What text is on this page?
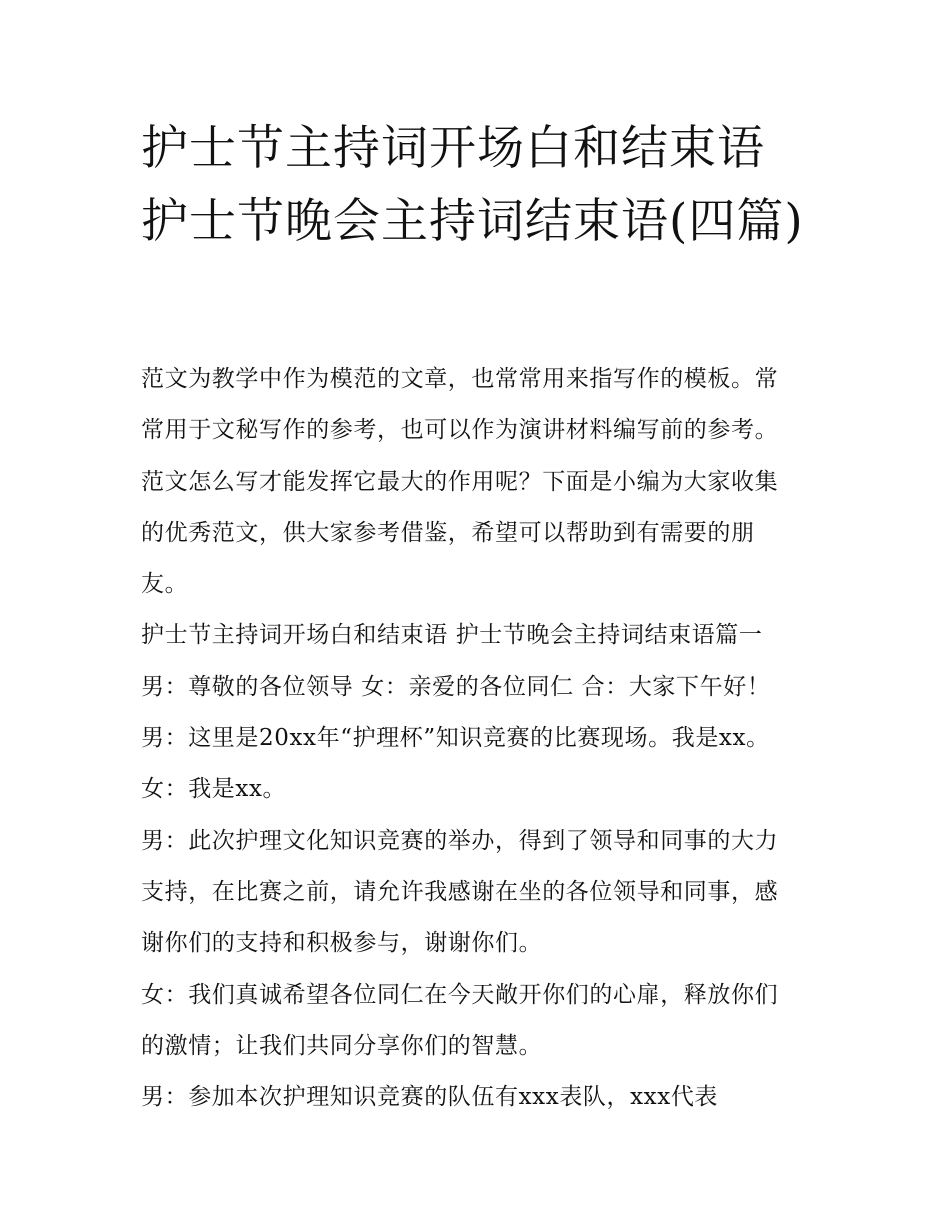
护士节主持词开场白和结束语 护士节晚会主持词结束语(四篇)

范文为教学中作为模范的文章，也常常用来指写作的模板。常

常用于文秘写作的参考，也可以作为演讲材料编写前的参考。

范文怎么写才能发挥它最大的作用呢？下面是小编为大家收集

的优秀范文，供大家参考借鉴，希望可以帮助到有需要的朋

友。

护士节主持词开场白和结束语 护士节晚会主持词结束语篇一

男：尊敬的各位领导 女：亲爱的各位同仁 合：大家下午好！

男：这里是20xx年“护理杯”知识竞赛的比赛现场。我是xx。

女：我是xx。

男：此次护理文化知识竞赛的举办，得到了领导和同事的大力

支持，在比赛之前，请允许我感谢在坐的各位领导和同事，感

谢你们的支持和积极参与，谢谢你们。

女：我们真诚希望各位同仁在今天敞开你们的心扉，释放你们

的激情；让我们共同分享你们的智慧。

男：参加本次护理知识竞赛的队伍有xxx表队，xxx代表
